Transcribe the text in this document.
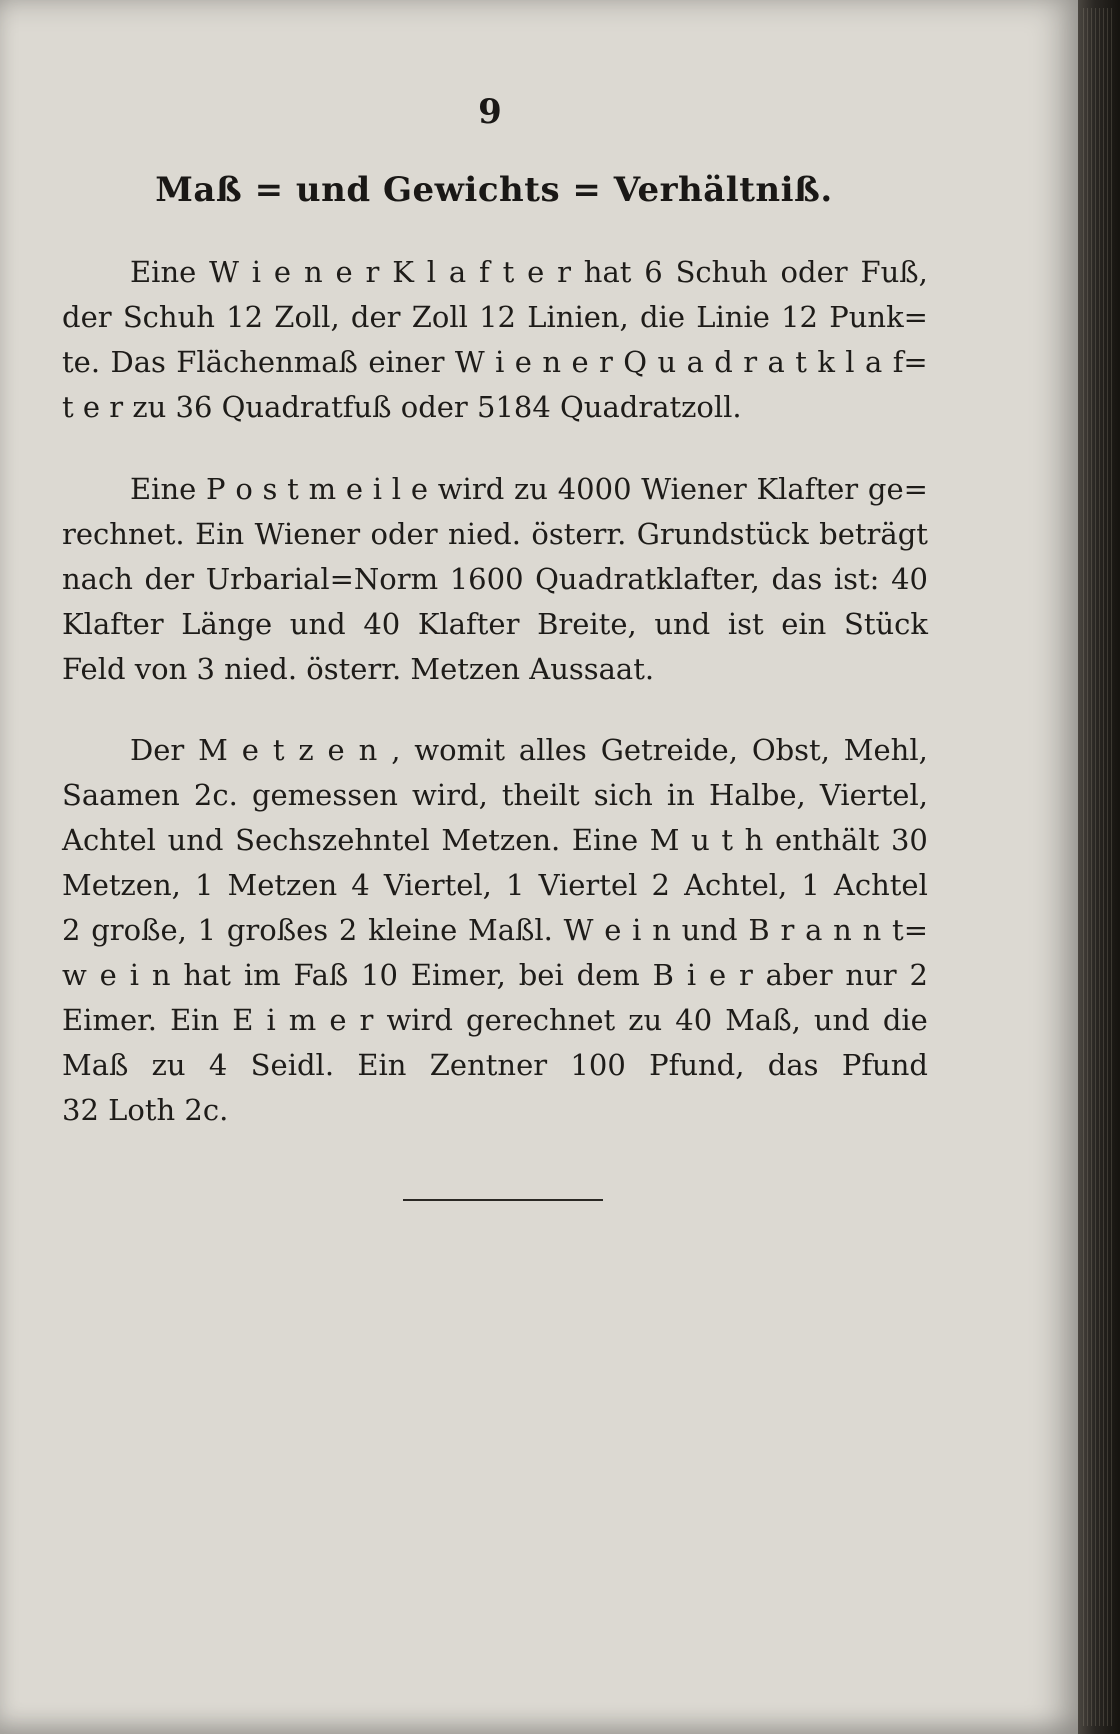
9
Maß = und Gewichts = Verhältniß.
Eine W i e n e r K l a f t e r hat 6 Schuh oder Fuß,
der Schuh 12 Zoll, der Zoll 12 Linien, die Linie 12 Punk=
te. Das Flächenmaß einer W i e n e r Q u a d r a t k l a f=
t e r zu 36 Quadratfuß oder 5184 Quadratzoll.
Eine P o s t m e i l e wird zu 4000 Wiener Klafter ge=
rechnet. Ein Wiener oder nied. österr. Grundstück beträgt
nach der Urbarial=Norm 1600 Quadratklafter, das ist: 40
Klafter Länge und 40 Klafter Breite, und ist ein Stück
Feld von 3 nied. österr. Metzen Aussaat.
Der M e t z e n , womit alles Getreide, Obst, Mehl,
Saamen 2c. gemessen wird, theilt sich in Halbe, Viertel,
Achtel und Sechszehntel Metzen. Eine M u t h enthält 30
Metzen, 1 Metzen 4 Viertel, 1 Viertel 2 Achtel, 1 Achtel
2 große, 1 großes 2 kleine Maßl. W e i n und B r a n n t=
w e i n hat im Faß 10 Eimer, bei dem B i e r aber nur 2
Eimer. Ein E i m e r wird gerechnet zu 40 Maß, und die
Maß zu 4 Seidl. Ein Zentner 100 Pfund, das Pfund
32 Loth 2c.
